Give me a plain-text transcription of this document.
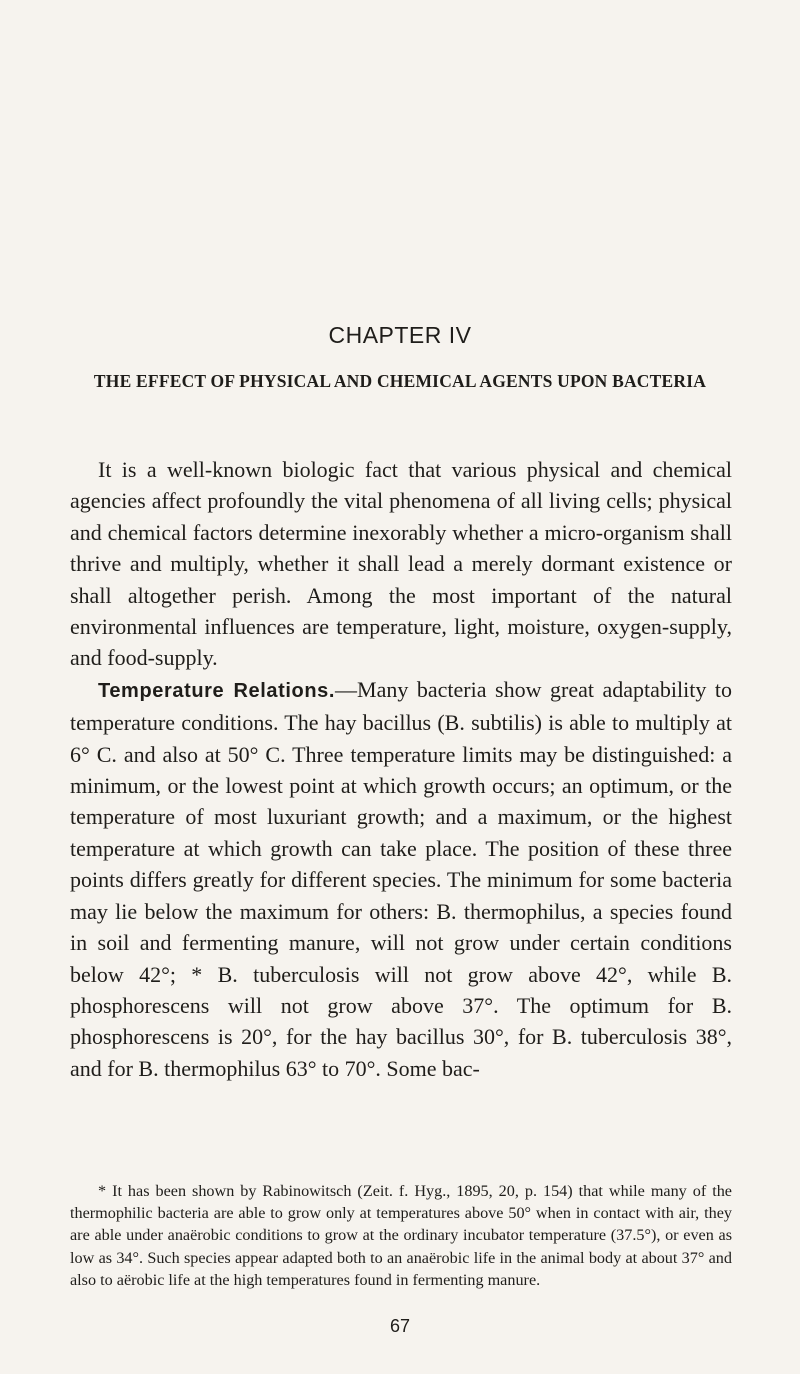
CHAPTER IV
THE EFFECT OF PHYSICAL AND CHEMICAL AGENTS UPON BACTERIA

It is a well-known biologic fact that various physical and chemical agencies affect profoundly the vital phenomena of all living cells; physical and chemical factors determine inexorably whether a micro-organism shall thrive and multiply, whether it shall lead a merely dormant existence or shall altogether perish. Among the most important of the natural environmental influences are temperature, light, moisture, oxygen-supply, and food-supply.

Temperature Relations.—Many bacteria show great adaptability to temperature conditions. The hay bacillus (B. subtilis) is able to multiply at 6° C. and also at 50° C. Three temperature limits may be distinguished: a minimum, or the lowest point at which growth occurs; an optimum, or the temperature of most luxuriant growth; and a maximum, or the highest temperature at which growth can take place. The position of these three points differs greatly for different species. The minimum for some bacteria may lie below the maximum for others: B. thermophilus, a species found in soil and fermenting manure, will not grow under certain conditions below 42°; * B. tuberculosis will not grow above 42°, while B. phosphorescens will not grow above 37°. The optimum for B. phosphorescens is 20°, for the hay bacillus 30°, for B. tuberculosis 38°, and for B. thermophilus 63° to 70°. Some bac-

* It has been shown by Rabinowitsch (Zeit. f. Hyg., 1895, 20, p. 154) that while many of the thermophilic bacteria are able to grow only at temperatures above 50° when in contact with air, they are able under anaërobic conditions to grow at the ordinary incubator temperature (37.5°), or even as low as 34°. Such species appear adapted both to an anaërobic life in the animal body at about 37° and also to aërobic life at the high temperatures found in fermenting manure.

67
